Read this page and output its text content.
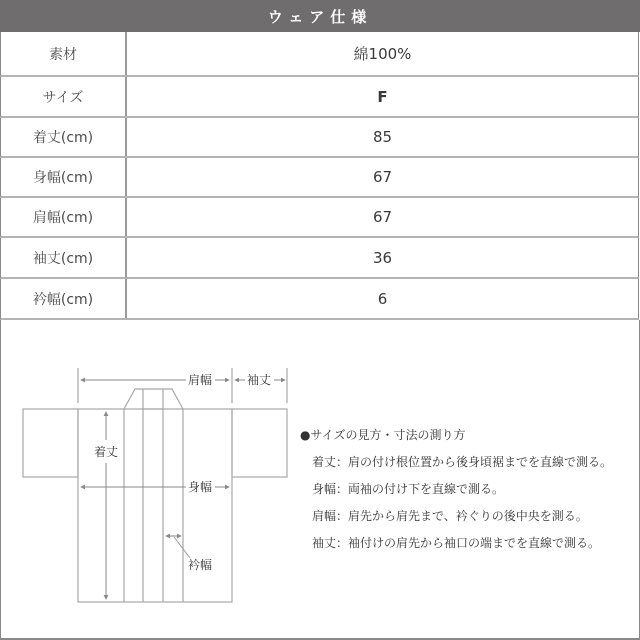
ウェア仕様
素材	綿100%
サイズ	F
着丈(cm)	85
身幅(cm)	67
肩幅(cm)	67
袖丈(cm)	36
衿幅(cm)	6
肩幅	袖丈
着丈
身幅
衿幅
●サイズの見方・寸法の測り方
着丈：肩の付け根位置から後身頃裾までを直線で測る。
身幅：両袖の付け下を直線で測る。
肩幅：肩先から肩先まで、衿ぐりの後中央を測る。
袖丈：袖付けの肩先から袖口の端までを直線で測る。
